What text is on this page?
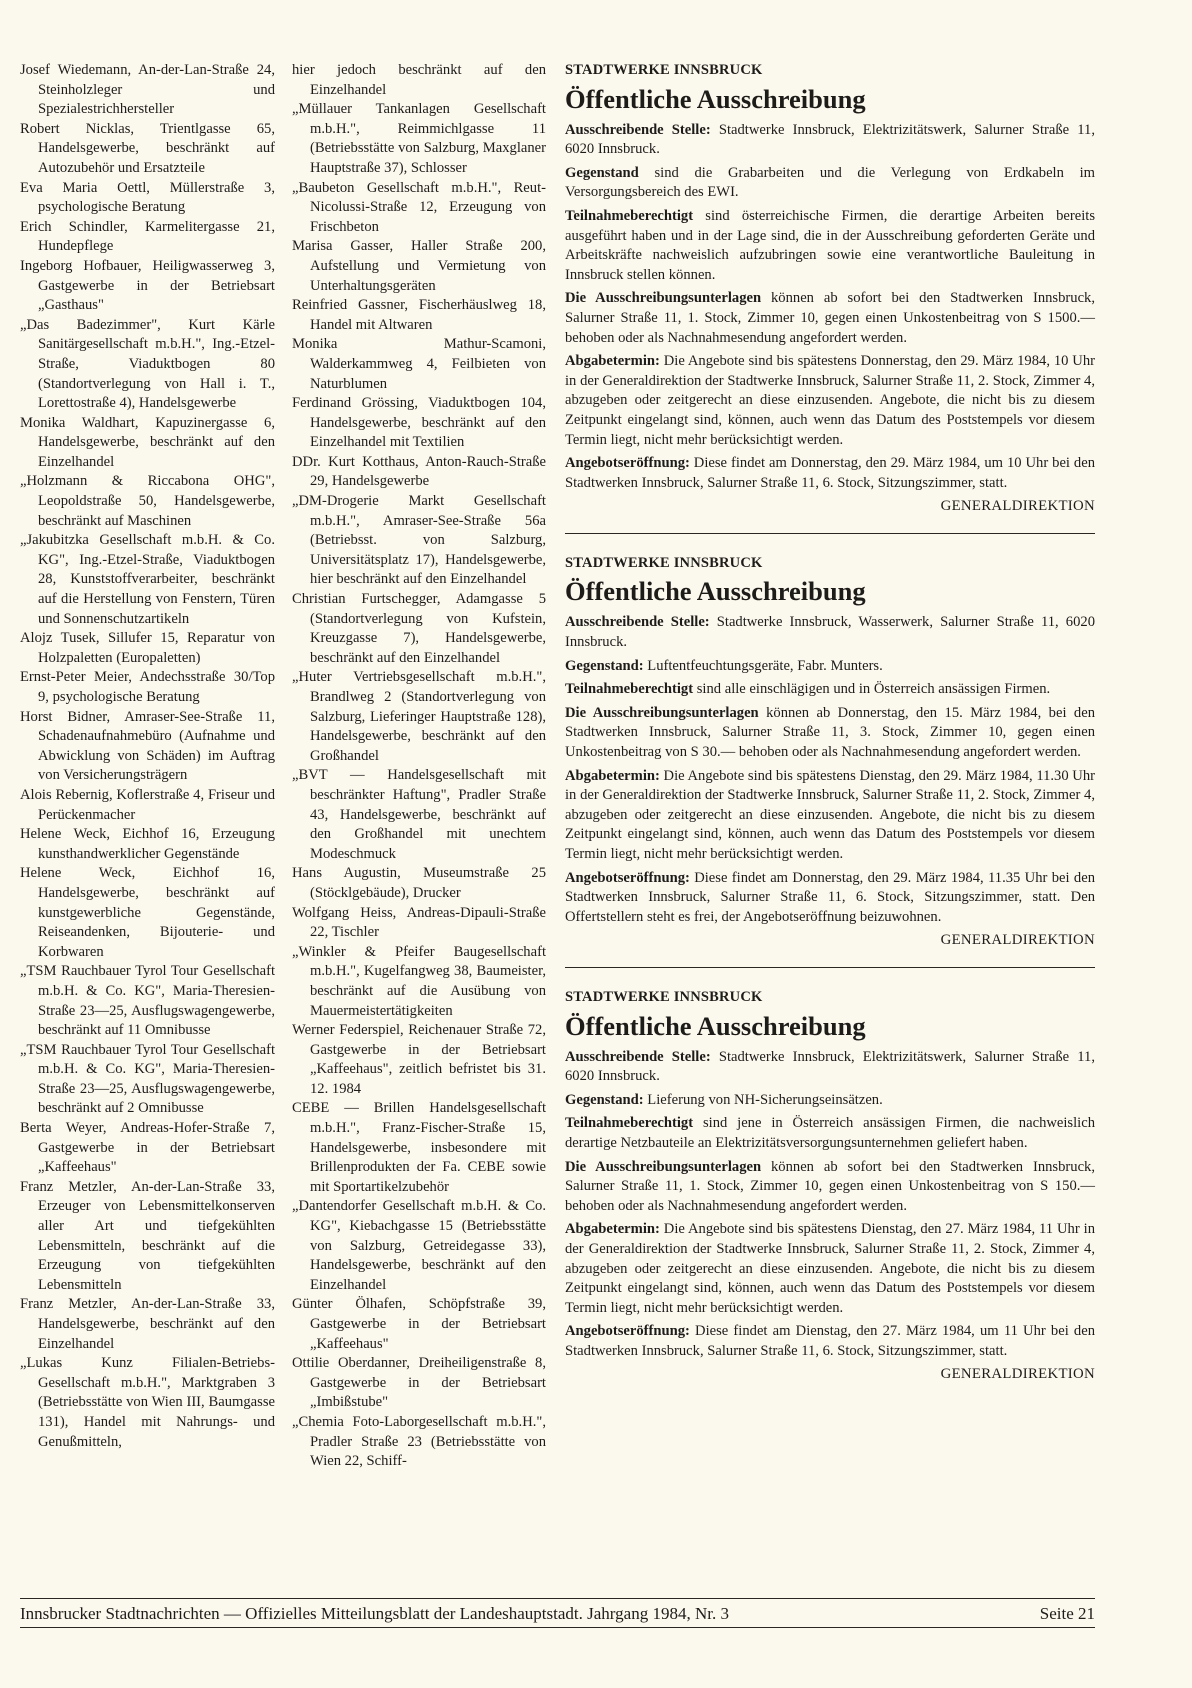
Josef Wiedemann, An-der-Lan-Straße 24, Steinholzleger und Spezialestrichhersteller
Robert Nicklas, Trientlgasse 65, Handelsgewerbe, beschränkt auf Autozubehör und Ersatzteile
Eva Maria Oettl, Müllerstraße 3, psychologische Beratung
Erich Schindler, Karmelitergasse 21, Hundepflege
Ingeborg Hofbauer, Heiligwasserweg 3, Gastgewerbe in der Betriebsart „Gasthaus"
„Das Badezimmer", Kurt Kärle Sanitärgesellschaft m.b.H.", Ing.-Etzel-Straße, Viaduktbogen 80 (Standortverlegung von Hall i. T., Lorettostraße 4), Handelsgewerbe
Monika Waldhart, Kapuzinergasse 6, Handelsgewerbe, beschränkt auf den Einzelhandel
„Holzmann & Riccabona OHG", Leopoldstraße 50, Handelsgewerbe, beschränkt auf Maschinen
„Jakubitzka Gesellschaft m.b.H. & Co. KG", Ing.-Etzel-Straße, Viaduktbogen 28, Kunststoffverarbeiter, beschränkt auf die Herstellung von Fenstern, Türen und Sonnenschutzartikeln
Alojz Tusek, Sillufer 15, Reparatur von Holzpaletten (Europaletten)
Ernst-Peter Meier, Andechsstraße 30/Top 9, psychologische Beratung
Horst Bidner, Amraser-See-Straße 11, Schadenaufnahmebüro (Aufnahme und Abwicklung von Schäden) im Auftrag von Versicherungsträgern
Alois Rebernig, Koflerstraße 4, Friseur und Perückenmacher
Helene Weck, Eichhof 16, Erzeugung kunsthandwerklicher Gegenstände
Helene Weck, Eichhof 16, Handelsgewerbe, beschränkt auf kunstgewerbliche Gegenstände, Reiseandenken, Bijouterie- und Korbwaren
„TSM Rauchbauer Tyrol Tour Gesellschaft m.b.H. & Co. KG", Maria-Theresien-Straße 23—25, Ausflugswagengewerbe, beschränkt auf 11 Omnibusse
„TSM Rauchbauer Tyrol Tour Gesellschaft m.b.H. & Co. KG", Maria-Theresien-Straße 23—25, Ausflugswagengewerbe, beschränkt auf 2 Omnibusse
Berta Weyer, Andreas-Hofer-Straße 7, Gastgewerbe in der Betriebsart „Kaffeehaus"
Franz Metzler, An-der-Lan-Straße 33, Erzeuger von Lebensmittelkonserven aller Art und tiefgekühlten Lebensmitteln, beschränkt auf die Erzeugung von tiefgekühlten Lebensmitteln
Franz Metzler, An-der-Lan-Straße 33, Handelsgewerbe, beschränkt auf den Einzelhandel
„Lukas Kunz Filialen-Betriebs-Gesellschaft m.b.H.", Marktgraben 3 (Betriebsstätte von Wien III, Baumgasse 131), Handel mit Nahrungs- und Genußmitteln,
hier jedoch beschränkt auf den Einzelhandel
„Müllauer Tankanlagen Gesellschaft m.b.H.", Reimmichlgasse 11 (Betriebsstätte von Salzburg, Maxglaner Hauptstraße 37), Schlosser
„Baubeton Gesellschaft m.b.H.", Reut-Nicolussi-Straße 12, Erzeugung von Frischbeton
Marisa Gasser, Haller Straße 200, Aufstellung und Vermietung von Unterhaltungsgeräten
Reinfried Gassner, Fischerhäuslweg 18, Handel mit Altwaren
Monika Mathur-Scamoni, Walderkammweg 4, Feilbieten von Naturblumen
Ferdinand Grössing, Viaduktbogen 104, Handelsgewerbe, beschränkt auf den Einzelhandel mit Textilien
DDr. Kurt Kotthaus, Anton-Rauch-Straße 29, Handelsgewerbe
„DM-Drogerie Markt Gesellschaft m.b.H.", Amraser-See-Straße 56a (Betriebsst. von Salzburg, Universitätsplatz 17), Handelsgewerbe, hier beschränkt auf den Einzelhandel
Christian Furtschegger, Adamgasse 5 (Standortverlegung von Kufstein, Kreuzgasse 7), Handelsgewerbe, beschränkt auf den Einzelhandel
„Huter Vertriebsgesellschaft m.b.H.", Brandlweg 2 (Standortverlegung von Salzburg, Lieferinger Hauptstraße 128), Handelsgewerbe, beschränkt auf den Großhandel
„BVT — Handelsgesellschaft mit beschränkter Haftung", Pradler Straße 43, Handelsgewerbe, beschränkt auf den Großhandel mit unechtem Modeschmuck
Hans Augustin, Museumstraße 25 (Stöcklgebäude), Drucker
Wolfgang Heiss, Andreas-Dipauli-Straße 22, Tischler
„Winkler & Pfeifer Baugesellschaft m.b.H.", Kugelfangweg 38, Baumeister, beschränkt auf die Ausübung von Mauermeistertätigkeiten
Werner Federspiel, Reichenauer Straße 72, Gastgewerbe in der Betriebsart „Kaffeehaus", zeitlich befristet bis 31. 12. 1984
CEBE — Brillen Handelsgesellschaft m.b.H.", Franz-Fischer-Straße 15, Handelsgewerbe, insbesondere mit Brillenprodukten der Fa. CEBE sowie mit Sportartikelzubehör
„Dantendorfer Gesellschaft m.b.H. & Co. KG", Kiebachgasse 15 (Betriebsstätte von Salzburg, Getreidegasse 33), Handelsgewerbe, beschränkt auf den Einzelhandel
Günter Ölhafen, Schöpfstraße 39, Gastgewerbe in der Betriebsart „Kaffeehaus"
Ottilie Oberdanner, Dreiheiligenstraße 8, Gastgewerbe in der Betriebsart „Imbißstube"
„Chemia Foto-Laborgesellschaft m.b.H.", Pradler Straße 23 (Betriebsstätte von Wien 22, Schiff-
STADTWERKE INNSBRUCK
Öffentliche Ausschreibung
Ausschreibende Stelle: Stadtwerke Innsbruck, Elektrizitätswerk, Salurner Straße 11, 6020 Innsbruck.
Gegenstand sind die Grabarbeiten und die Verlegung von Erdkabeln im Versorgungsbereich des EWI.
Teilnahmeberechtigt sind österreichische Firmen, die derartige Arbeiten bereits ausgeführt haben und in der Lage sind, die in der Ausschreibung geforderten Geräte und Arbeitskräfte nachweislich aufzubringen sowie eine verantwortliche Bauleitung in Innsbruck stellen können.
Die Ausschreibungsunterlagen können ab sofort bei den Stadtwerken Innsbruck, Salurner Straße 11, 1. Stock, Zimmer 10, gegen einen Unkostenbeitrag von S 1500.— behoben oder als Nachnahmesendung angefordert werden.
Abgabetermin: Die Angebote sind bis spätestens Donnerstag, den 29. März 1984, 10 Uhr in der Generaldirektion der Stadtwerke Innsbruck, Salurner Straße 11, 2. Stock, Zimmer 4, abzugeben oder zeitgerecht an diese einzusenden. Angebote, die nicht bis zu diesem Zeitpunkt eingelangt sind, können, auch wenn das Datum des Poststempels vor diesem Termin liegt, nicht mehr berücksichtigt werden.
Angebotseröffnung: Diese findet am Donnerstag, den 29. März 1984, um 10 Uhr bei den Stadtwerken Innsbruck, Salurner Straße 11, 6. Stock, Sitzungszimmer, statt.
GENERALDIREKTION
STADTWERKE INNSBRUCK
Öffentliche Ausschreibung
Ausschreibende Stelle: Stadtwerke Innsbruck, Wasserwerk, Salurner Straße 11, 6020 Innsbruck.
Gegenstand: Luftentfeuchtungsgeräte, Fabr. Munters.
Teilnahmeberechtigt sind alle einschlägigen und in Österreich ansässigen Firmen.
Die Ausschreibungsunterlagen können ab Donnerstag, den 15. März 1984, bei den Stadtwerken Innsbruck, Salurner Straße 11, 3. Stock, Zimmer 10, gegen einen Unkostenbeitrag von S 30.— behoben oder als Nachnahmesendung angefordert werden.
Abgabetermin: Die Angebote sind bis spätestens Dienstag, den 29. März 1984, 11.30 Uhr in der Generaldirektion der Stadtwerke Innsbruck, Salurner Straße 11, 2. Stock, Zimmer 4, abzugeben oder zeitgerecht an diese einzusenden. Angebote, die nicht bis zu diesem Zeitpunkt eingelangt sind, können, auch wenn das Datum des Poststempels vor diesem Termin liegt, nicht mehr berücksichtigt werden.
Angebotseröffnung: Diese findet am Donnerstag, den 29. März 1984, 11.35 Uhr bei den Stadtwerken Innsbruck, Salurner Straße 11, 6. Stock, Sitzungszimmer, statt. Den Offertstellern steht es frei, der Angebotseröffnung beizuwohnen.
GENERALDIREKTION
STADTWERKE INNSBRUCK
Öffentliche Ausschreibung
Ausschreibende Stelle: Stadtwerke Innsbruck, Elektrizitätswerk, Salurner Straße 11, 6020 Innsbruck.
Gegenstand: Lieferung von NH-Sicherungseinsätzen.
Teilnahmeberechtigt sind jene in Österreich ansässigen Firmen, die nachweislich derartige Netzbauteile an Elektrizitätsversorgungsunternehmen geliefert haben.
Die Ausschreibungsunterlagen können ab sofort bei den Stadtwerken Innsbruck, Salurner Straße 11, 1. Stock, Zimmer 10, gegen einen Unkostenbeitrag von S 150.— behoben oder als Nachnahmesendung angefordert werden.
Abgabetermin: Die Angebote sind bis spätestens Dienstag, den 27. März 1984, 11 Uhr in der Generaldirektion der Stadtwerke Innsbruck, Salurner Straße 11, 2. Stock, Zimmer 4, abzugeben oder zeitgerecht an diese einzusenden. Angebote, die nicht bis zu diesem Zeitpunkt eingelangt sind, können, auch wenn das Datum des Poststempels vor diesem Termin liegt, nicht mehr berücksichtigt werden.
Angebotseröffnung: Diese findet am Dienstag, den 27. März 1984, um 11 Uhr bei den Stadtwerken Innsbruck, Salurner Straße 11, 6. Stock, Sitzungszimmer, statt.
GENERALDIREKTION
Innsbrucker Stadtnachrichten — Offizielles Mitteilungsblatt der Landeshauptstadt. Jahrgang 1984, Nr. 3	Seite 21
